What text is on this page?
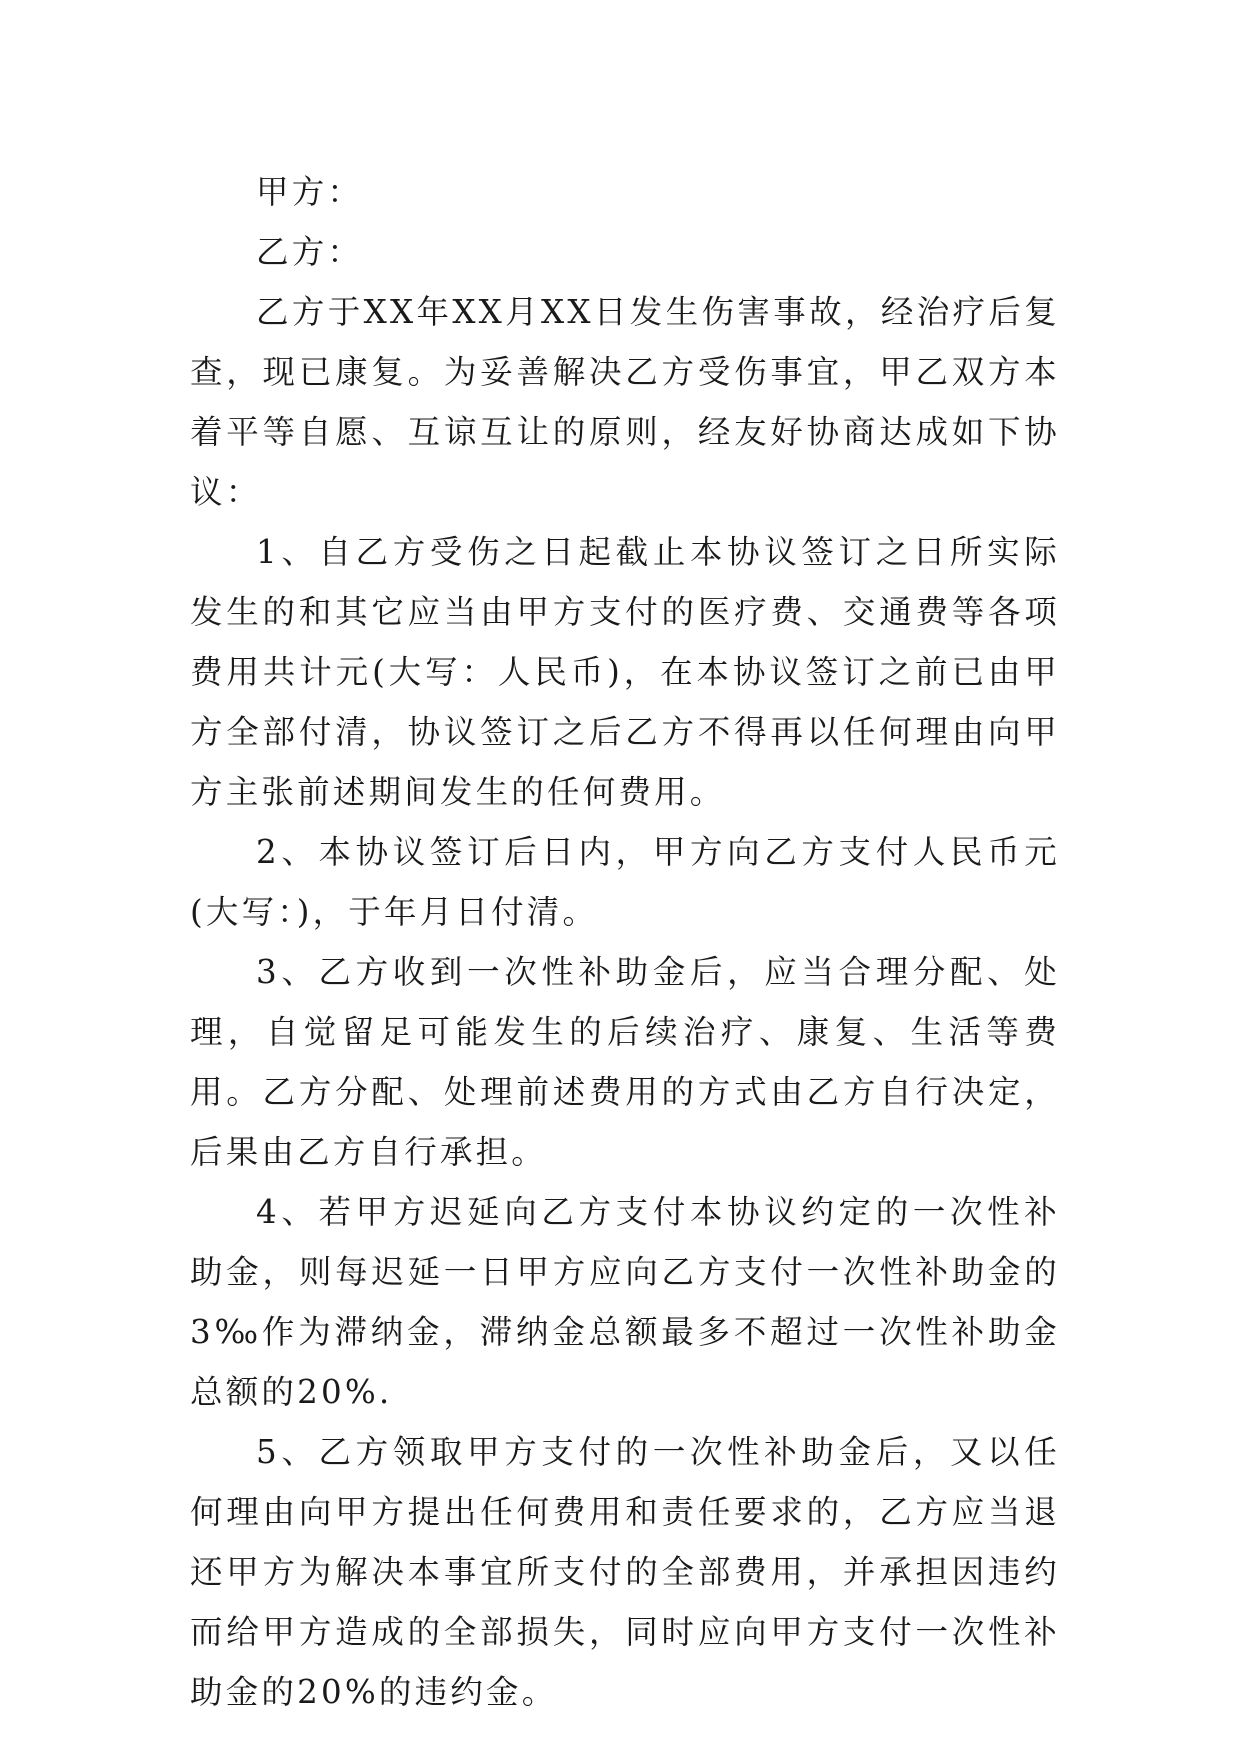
甲方：

乙方：

乙方于XX年XX月XX日发生伤害事故，经治疗后复查，现已康复。为妥善解决乙方受伤事宜，甲乙双方本着平等自愿、互谅互让的原则，经友好协商达成如下协议：

1、自乙方受伤之日起截止本协议签订之日所实际发生的和其它应当由甲方支付的医疗费、交通费等各项费用共计元(大写：人民币)，在本协议签订之前已由甲方全部付清，协议签订之后乙方不得再以任何理由向甲方主张前述期间发生的任何费用。

2、本协议签订后日内，甲方向乙方支付人民币元(大写：)，于年月日付清。

3、乙方收到一次性补助金后，应当合理分配、处理，自觉留足可能发生的后续治疗、康复、生活等费用。乙方分配、处理前述费用的方式由乙方自行决定，后果由乙方自行承担。

4、若甲方迟延向乙方支付本协议约定的一次性补助金，则每迟延一日甲方应向乙方支付一次性补助金的3‰作为滞纳金，滞纳金总额最多不超过一次性补助金总额的20%.

5、乙方领取甲方支付的一次性补助金后，又以任何理由向甲方提出任何费用和责任要求的，乙方应当退还甲方为解决本事宜所支付的全部费用，并承担因违约而给甲方造成的全部损失，同时应向甲方支付一次性补助金的20%的违约金。
